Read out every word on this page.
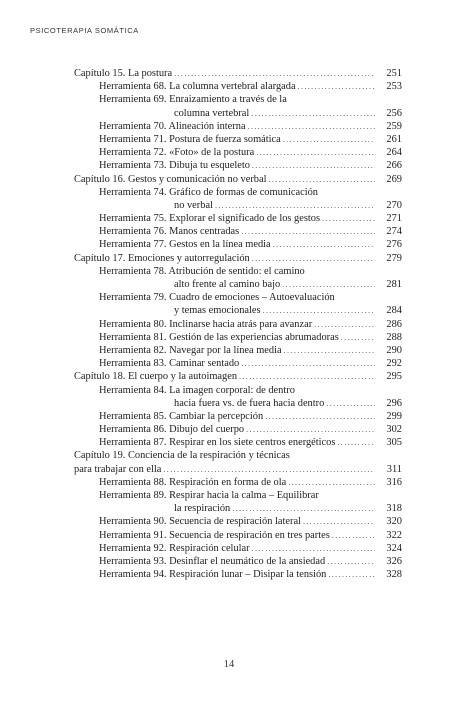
PSICOTERAPIA SOMÁTICA
Capítulo 15. La postura .....	251
Herramienta 68. La columna vertebral alargada .....	253
Herramienta 69. Enraizamiento a través de la
columna vertebral .....	256
Herramienta 70. Alineación interna .....	259
Herramienta 71. Postura de fuerza somática .....	261
Herramienta 72. «Foto» de la postura .....	264
Herramienta 73. Dibuja tu esqueleto .....	266
Capítulo 16. Gestos y comunicación no verbal .....	269
Herramienta 74. Gráfico de formas de comunicación
no verbal .....	270
Herramienta 75. Explorar el significado de los gestos .....	271
Herramienta 76. Manos centradas .....	274
Herramienta 77. Gestos en la línea media .....	276
Capítulo 17. Emociones y autorregulación .....	279
Herramienta 78. Atribución de sentido: el camino
alto frente al camino bajo .....	281
Herramienta 79. Cuadro de emociones – Autoevaluación
y temas emocionales .....	284
Herramienta 80. Inclinarse hacia atrás para avanzar .....	286
Herramienta 81. Gestión de las experiencias abrumadoras .....	288
Herramienta 82. Navegar por la línea media .....	290
Herramienta 83. Caminar sentado .....	292
Capítulo 18. El cuerpo y la autoimagen .....	295
Herramienta 84. La imagen corporal: de dentro
hacia fuera vs. de fuera hacia dentro .....	296
Herramienta 85. Cambiar la percepción .....	299
Herramienta 86. Dibujo del cuerpo .....	302
Herramienta 87. Respirar en los siete centros energéticos .....	305
Capítulo 19. Conciencia de la respiración y técnicas
para trabajar con ella .....	311
Herramienta 88. Respiración en forma de ola .....	316
Herramienta 89. Respirar hacia la calma – Equilibrar
la respiración .....	318
Herramienta 90. Secuencia de respiración lateral .....	320
Herramienta 91. Secuencia de respiración en tres partes .....	322
Herramienta 92. Respiración celular .....	324
Herramienta 93. Desinflar el neumático de la ansiedad .....	326
Herramienta 94. Respiración lunar – Disipar la tensión .....	328
14
